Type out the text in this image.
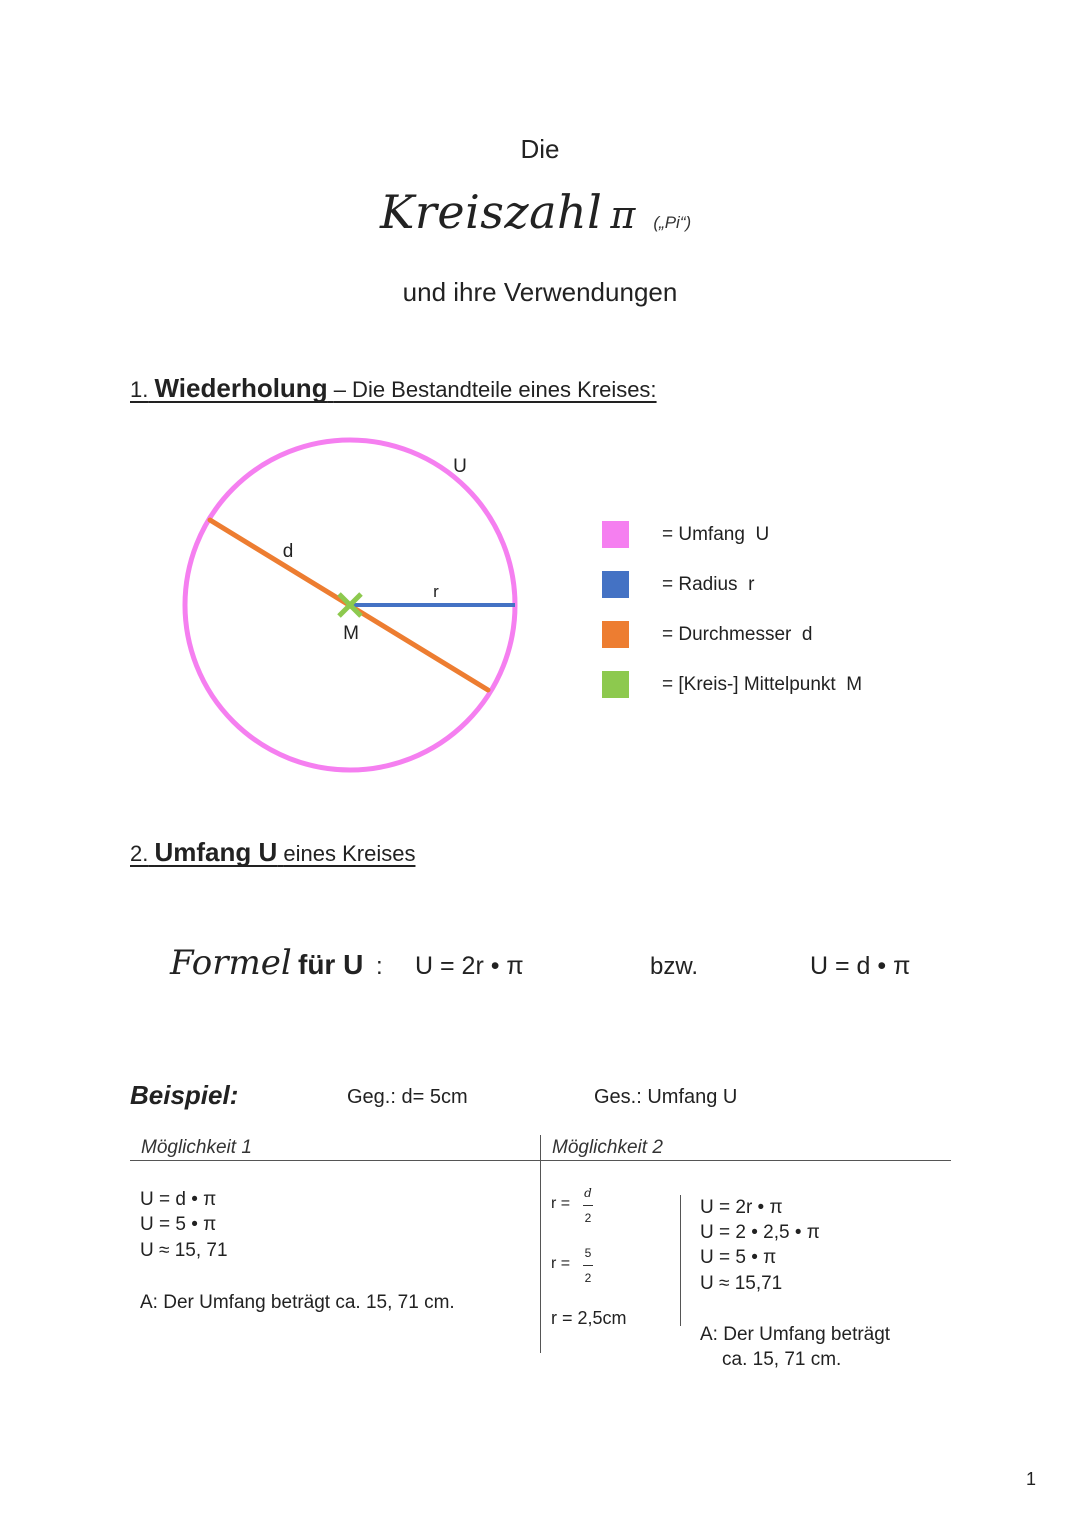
Die
Kreiszahl π („Pi“)
und ihre Verwendungen
1. Wiederholung – Die Bestandteile eines Kreises:
U
d
r
M
= Umfang  U
= Radius  r
= Durchmesser  d
= [Kreis-] Mittelpunkt  M
2. Umfang U eines Kreises
Formel für U : U = 2r • π	bzw.	U = d • π
Beispiel:	Geg.: d= 5cm	Ges.: Umfang U
Möglichkeit 1
U = d • π
U = 5 • π
U ≈ 15, 71
A: Der Umfang beträgt ca. 15, 71 cm.
Möglichkeit 2
r =
d
2
r =
5
2
r = 2,5cm
U = 2r • π
U = 2 • 2,5 • π
U = 5 • π
U ≈ 15,71
A: Der Umfang beträgt
ca. 15, 71 cm.
1
